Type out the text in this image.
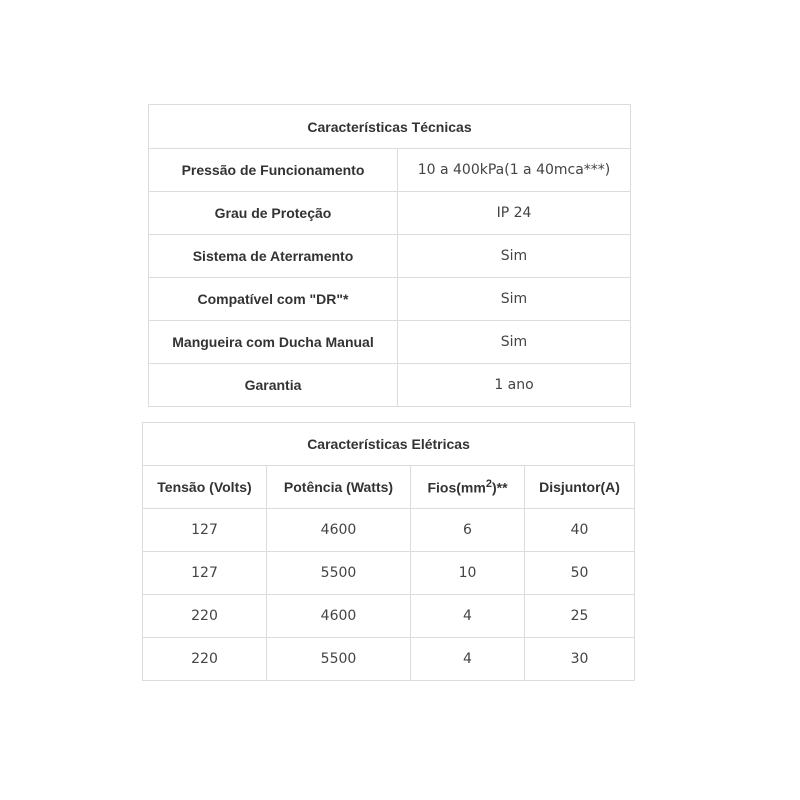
Características Técnicas	
Pressão de Funcionamento	10 a 400kPa(1 a 40mca***)
Grau de Proteção	IP 24
Sistema de Aterramento	Sim
Compatível com "DR"*	Sim
Mangueira com Ducha Manual	Sim
Garantia	1 ano
Características Elétricas			
Tensão (Volts)	Potência (Watts)	$Fios(mm^2)**$	Disjuntor(A)
127	4600	6	40
127	5500	10	50
220	4600	4	25
220	5500	4	30
